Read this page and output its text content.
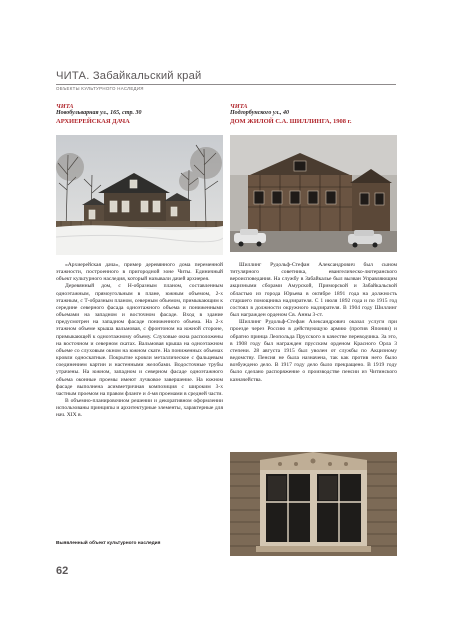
ЧИТА. Забайкальский край
ОБЪЕКТЫ КУЛЬТУРНОГО НАСЛЕДИЯ
ЧИТА
Новобульварная ул., 165, стр. 30
АРХИЕРЕЙСКАЯ ДАЧА
ЧИТА
Подгорбунского ул., 40
ДОМ ЖИЛОЙ С.А. ШИЛЛИНГА, 1908 г.

«Архиерейская дача», пример деревянного дома переменной этажности, построенного в пригородной зоне Читы. Единичный объект культурного наследия, который называли дачей архиерея.

Деревянный дом, с Н-образным планом, составленным одноэтажным, прямоугольным в плане, южным объемом, 2-х этажным, с Т-образным планом, северным объемом, примыкающим к середине северного фасада одноэтажного объема и пониженными объемами на западном и восточном фасаде. Вход в здание предусмотрен на западном фасаде пониженного объема. На 2-х этажном объеме крыша вальмовая, с фронтоном на южной стороне, примыкающей к одноэтажному объему. Слуховые окна расположены на восточном и северном скатах. Вальмовая крыша на одноэтажном объеме со слуховым окном на южном скате. На пониженных объемах кровли односкатные. Покрытие кровли металлическое с фальцевым соединением картин и настенными желобами. Водосточные трубы утрачены. На южном, западном и северном фасаде одноэтажного объема оконные проемы имеют лучковое завершение. На южном фасаде выполнена асимметричная композиция с широким 3-х частным проемом на правом фланге и 4-мя проемами в средней части.

В объемно-планировочном решении и декоративном оформлении использованы принципы и архитектурные элементы, характерные для нач. XIX в.

Шиллинг Рудольф-Стефан Александрович был сыном титулярного советника, евангелическо-лютеранского вероисповедания. На службу в Забайкалье был вызван Управляющим акцизными сборами Амурской, Приморской и Забайкальской областью из города Юрьева в октябре 1891 года на должность старшего помощника надзирателя. С 1 июля 1892 года и по 1915 год состоял в должности окружного надзирателя. В 1904 году Шиллинг был награжден орденом Св. Анны 3-ст.

Шиллинг Рудольф-Стефан Александрович оказал услуги при проезде через Россию в действующую армию (против Японии) и обратно принца Леопольда Прусского в качестве переводчика. За это, в 1908 году был награжден прусским орденом Красного Орла 3 степени. 28 августа 1915 был уволен от службы по Акцизному ведомству. Пенсия не была назначена, так как против него было возбуждено дело. В 1917 году дело было прекращено. В 1919 году было сделано распоряжение о производстве пенсии из Читинского казначейства.

Выявленный объект культурного наследия
62
